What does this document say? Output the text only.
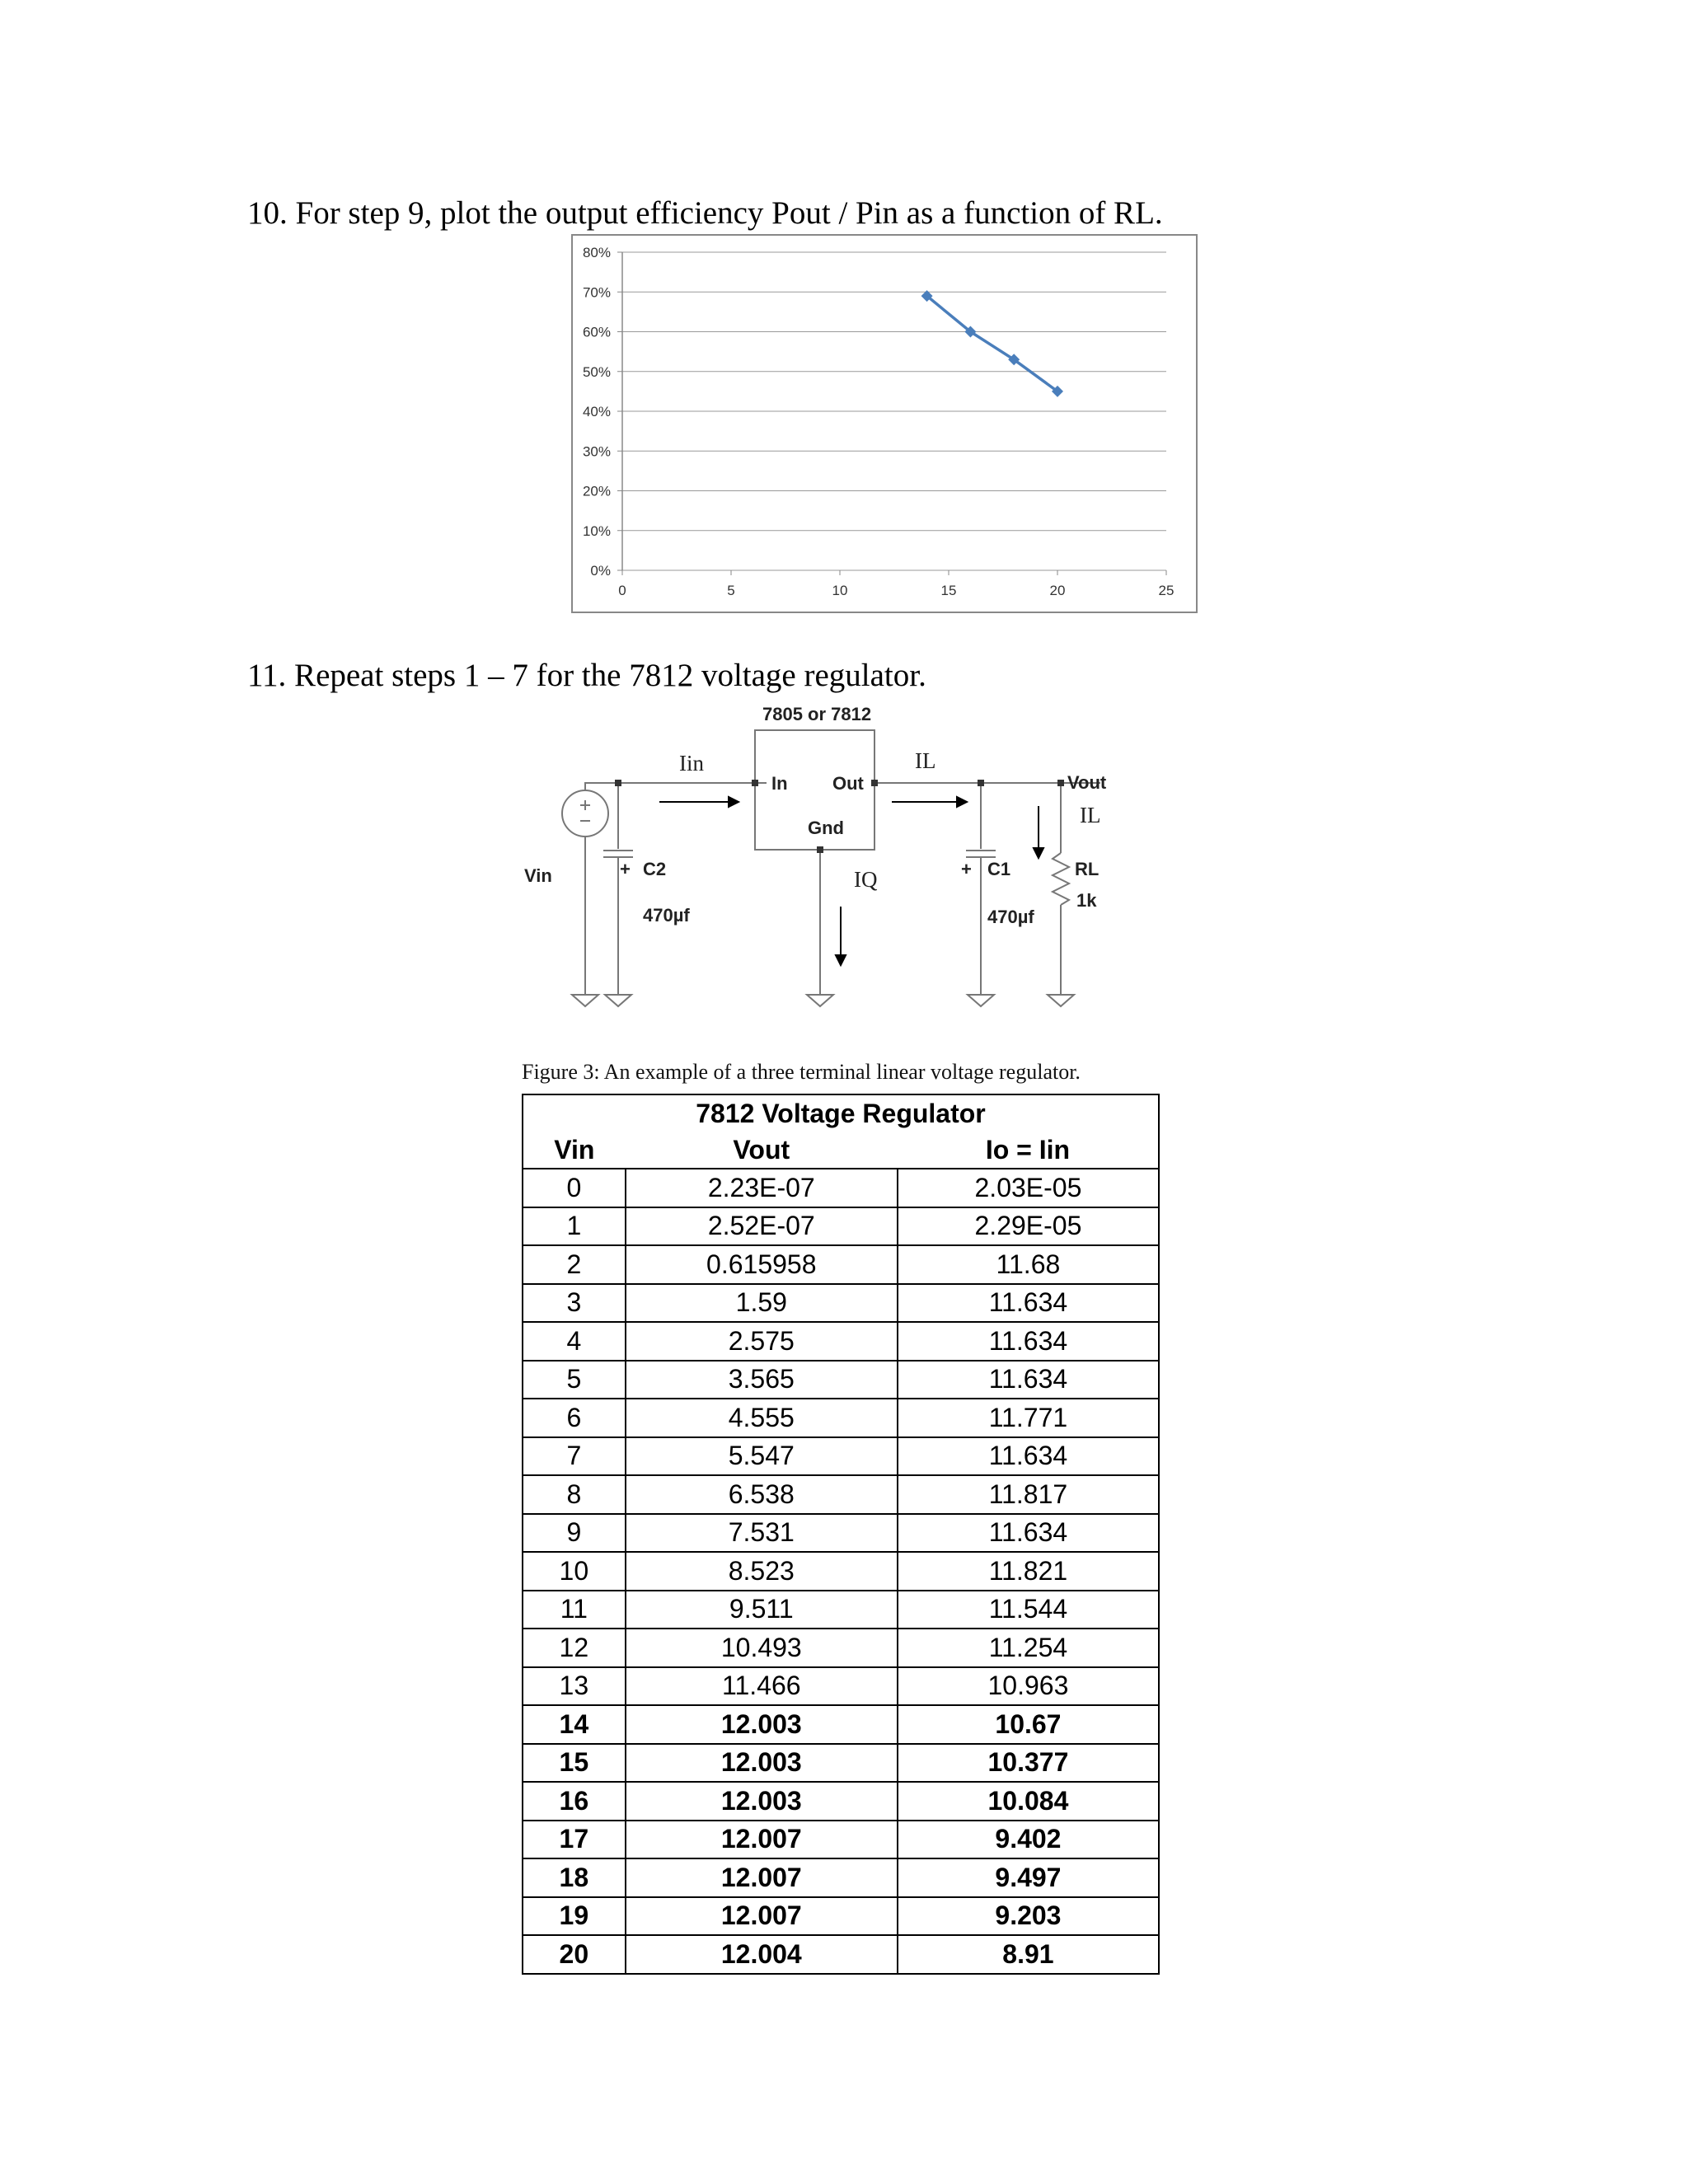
10. For step 9, plot the output efficiency Pout / Pin as a function of RL.
0%
10%
20%
30%
40%
50%
60%
70%
80%
0	5	10	15	20	25
11. Repeat steps 1 – 7 for the 7812 voltage regulator.
7805 or 7812
In Out
Gnd
Iin	IL
IL
IQ
Vout
Vin	+ C2
470µf
+ C1
470µf
RL
1k
Figure 3: An example of a three terminal linear voltage regulator.
7812 Voltage Regulator		
Vin	Vout	Io = Iin
0	2.23E-07	2.03E-05
1	2.52E-07	2.29E-05
2	0.615958	11.68
3	1.59	11.634
4	2.575	11.634
5	3.565	11.634
6	4.555	11.771
7	5.547	11.634
8	6.538	11.817
9	7.531	11.634
10	8.523	11.821
11	9.511	11.544
12	10.493	11.254
13	11.466	10.963
14	12.003	10.67
15	12.003	10.377
16	12.003	10.084
17	12.007	9.402
18	12.007	9.497
19	12.007	9.203
20	12.004	8.91
